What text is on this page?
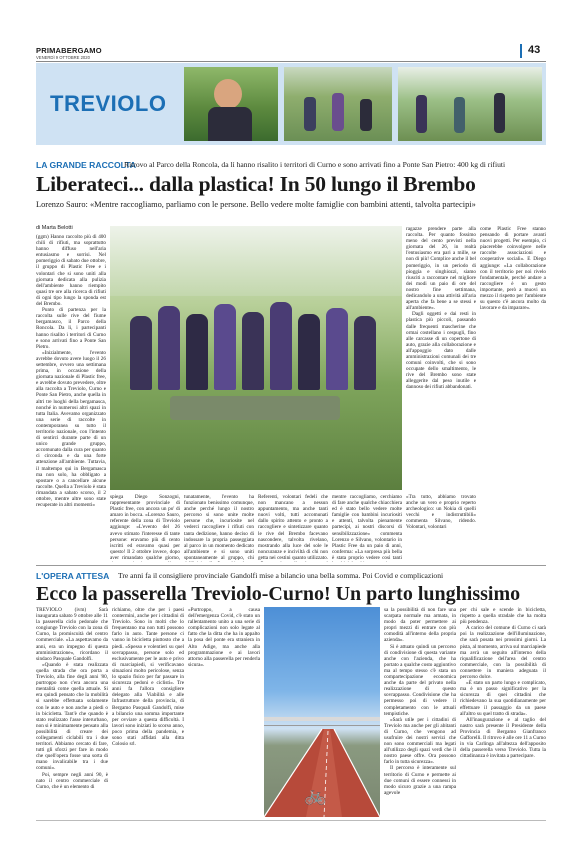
PRIMABERGAMO
VENERDÌ 9 OTTOBRE 2020
43
TREVIOLO
LA GRANDE RACCOLTA
Ritrovo al Parco della Roncola, da lì hanno risalito i territori di Curno e sono arrivati fino a Ponte San Pietro: 400 kg di rifiuti
Liberateci... dalla plastica! In 50 lungo il Brembo
Lorenzo Sauro: «Mentre raccogliamo, parliamo con le persone. Bello vedere molte famiglie con bambini attenti, talvolta partecipi»
di Marta Belotti

(ggm) Hanno raccolto più di 400 chili di rifiuti, ma soprattutto hanno diffuso nell'aria entusiasmo e sorrisi. Nel pomeriggio di sabato due ottobre, il gruppo di Plastic Free e i volontari che si sono uniti alla giornata dedicata alla pulizia dell'ambiente hanno riempito quasi tre ore alla ricerca di rifiuti di ogni tipo lungo la sponda est del Brembo.

Punto di partenza per la raccolta sulle rive del fiume bergamasco, il Parco della Roncola. Da lì, i partecipanti hanno risalito i territori di Curno e sono arrivati fino a Ponte San Pietro.

«Inizialmente, l'evento avrebbe dovuto avere luogo il 26 settembre, ovvero una settimana prima, in occasione della giornata nazionale di Plastic free, e avrebbe dovuto prevedere, oltre alla raccolta a Treviolo, Curno e Ponte San Pietro, anche quella in altri tre luoghi della bergamasca, nonché in numerosi altri spazi in tutta Italia. Avevamo organizzato una serie di raccolte in contemporanea su tutto il territorio nazionale, con l'intento di sentirci durante parte di un unico grande gruppo, accomunato dalla cura per quanto ci circonda e da una forte attenzione all'ambiente. Tuttavia, il maltempo qui in Bergamasca ma non solo, ha obbligato a spostare o a cancellare alcune raccolte. Quella a Treviolo è stata rimandata a sabato scorso, il 2 ottobre, mentre altre sono state recuperate in altri momenti»

spiega Diego Sonzogni, rappresentante provinciale di Plastic free, con ancora un po' di amaro in bocca. «Lorenzo Sauro, referente della zona di Treviolo aggiunge: «L'evento del 26 avevo stimato l'interesse di tante persone: eravamo più di cento iscritti ed eravamo quasi per questo! Il 2 ottobre invece, dopo aver rimandato qualche giorno,

tunatamente, l'evento ha funzionato benissimo comunque, anche perché lungo il nostro percorso si sono unite molte persone che, incuriosite nel vederci raccogliere i rifiuti con tanta dedizione, hanno deciso di indossare la propria passeggiata al parco in un momento dedicato all'ambiente e si sono uniti spontaneamente al gruppo, chi

Referenti, volontari fedeli che non mancano a nessun appuntamento, ma anche tanti nuovi volti, tutti accomunati dallo spirito attento e pronto a raccogliere e sintetizzare quanto le rive del Brembo facevano nascondere, talvolta rivelano, mostrando alla luce del sole le noncuranze e inciviltà di chi non getta nei cestini quanto utilizzato.

mentre raccogliamo, cerchiamo di fare anche qualche chiacchiera ed è stato bello vedere molte famiglie con bambini incuriositi e attenti, talvolta pienamente partecipi, ai nostri discorsi di sensibilizzazione» commenta Lorenzo e Silvano, volontario in Plastic Free da un paio di anni, conferma: «La sorpresa più bella è stata proprio vedere così tanti

ragazze prendere parte alla raccolta. Per quanto fossimo meno del cento previsti nella giornata del 26, in realtà l'entusiasmo era pari a mille, se non di più! Complice anche il bel pomeriggio, in un periodo di pioggia e singhiozzi, siamo riusciti a raccontare nel migliore dei modi un paio di ore del nostro fine settimana, dedicandolo a una attività all'aria aperta che fa bene a se stessi e all'ambiente».

Dagli oggetti e dai resti in plastica più piccoli, passando dalle frequenti mascherine che ormai costellano i cespugli, fino alle carcasse di un copertone di auto, grazie alla collaborazione e all'appoggio dato dalle amministrazioni comunali dei tre comuni coinvolti, che si sono occupate dello smaltimento, le rive del Brembo sono state alleggerite dal peso inutile e dannoso dei rifiuti abbandonati.

«Tra tutto, abbiamo trovato anche un vero e proprio reperto archeologico: un Nokia di quelli vecchi e indistruttibili» commenta Silvano, ridendo. Volontari, volontari

come Plastic Free stanno pensando di portare avanti nuovi progetti. Per esempio, ci piacerebbe coinvolgere nelle raccolte associazioni e cooperative sociali». E Diego aggiunge: «La collaborazione con il territorio per noi rivelo fondamentale, perché andare a raccogliere è un gesto importante, però a muovi un mezzo il rispetto per l'ambiente su questo c'è ancora molto da lavorare e da imparare».

L'OPERA ATTESA Tre anni fa il consigliere provinciale Gandolfi mise a bilancio una bella somma. Poi Covid e complicazioni
Ecco la passerella Treviolo-Curno! Un parto lunghissimo

TREVIOLO (ivm) Sarà inaugurata sabato 9 ottobre alle 11 la passerella ciclo pedonale che congiunge Treviolo con la zona di Curno, la promiscuità del centro commerciale. «La aspettavamo da anni, era un impegno di questa amministrazione», ricordano il sindaco Pasquale Gandolfi.

«Quando è stata realizzata quella strada che ora porta a Treviolo, alla fine degli anni '80, purtroppo non c'era ancora una mentalità come quella attuale. Si era quindi pensato che la mobilità si sarebbe effettuata solamente con le auto e non anche a piedi o in bicicletta. Tant'è che quando è stato realizzato l'asse interurbano, non si è minimamente pensato alla possibilità di creare dei collegamenti ciclabili tra i due territori. Abbiamo cercato di fare, tutti gli sforzi per fare in modo che quell'opera fosse una sorta di mano invalicabile tra i due comuni».

Poi, sempre negli anni 90, è nato il centro commerciale di Curno, che è un elemento di

richiamo, oltre che per i paesi contermini, anche per i cittadini di Treviolo. Sono in molti che lo frequentano ma non tutti possono farlo in auto. Tante persone ci vanno in bicicletta piuttosto che a piedi. «Spesso e volentieri su quel sovrappasso, persone solo ed esclusivamente per le auto e privo di marciapiedi, si verificavano situazioni molto pericolose, senza lo spazio fisico per far passare in sicurezza pedoni e ciclisti». Tre anni fa l'allora consigliere delegato alla Viabilità e alle Infrastrutture della provincia, di Bergamo Pasquali Gandolfi, mise a bilancio una somma importante per ovviare a questa difficoltà. I lavori sono iniziati lo scorso anno, poco prima della pandemia, e sono stati affidati alla ditta Colosio srl.

«Purtroppo, a causa dell'emergenza Covid, c'è stato un rallentamento unito a una serie di complicazioni non solo legate al fatto che la ditta che ha in appalto la posa del ponte era straniera in Alto Adige, ma anche alla programmazione e ai lavori attorno alla passerella per renderla sicura».

🚲

sa la possibilità di non fare una scarpata normale ma armata, in modo da poter permettere ai propri mezzi di entrare con più comodità all'interno della propria azienda».

Si è attuato quindi un percorso di condivisione di questa variante anche con l'azienda, che ha portato a qualche costo aggiuntivo ma al tempo stesso c'è stata un compartecipazione economica anche da parte del privato nella realizzazione di questo sovrappasso. Condivisione che ha permesso poi di vedere il completamento con le attuali tempistiche.

«Sarà utile per i cittadini di Treviolo ma anche per gli abitanti di Curno, che vengono ad usufruire dei nostri servizi che non sono commerciali ma legati all'utilizzo degli spazi verdi che il nostro paese offre. Ora possono farlo in tutta sicurezza».

Il percorso è interamente sul territorio di Curno e permette ai due comuni di essere connessi in modo sicuro grazie a una rampa agevole

per chi sale e scende in bicicletta, rispetto a quella stradale che ha molta più pendenza.

A carico del comune di Curno ci sarà poi la realizzazione dell'illuminazione, che sarà posata nei prossimi giorni. La pista, al momento, arriva sul marciapiede ma avrà un seguito all'interno della riqualificazione dell'area del centro commerciale, con la possibilità di connettere in maniera adeguata il percorso dolce.

«È stato un parto lungo e complicato, ma è un passo significativo per la sicurezza di quei cittadini che richiedevano la sua quotidianamente per effettuare il passaggio da un paese all'altro su quel tratto di strada».

All'inaugurazione e al taglio del nastro sarà presente il Presidente della Provincia di Bergamo Gianfranco Gafforelli. Il ritrovo è alle ore 11 a Curno in via Carlinga all'altezza dell'apposito della passerella verso Treviolo. Tutta la cittadinanza è invitata a partecipare.
